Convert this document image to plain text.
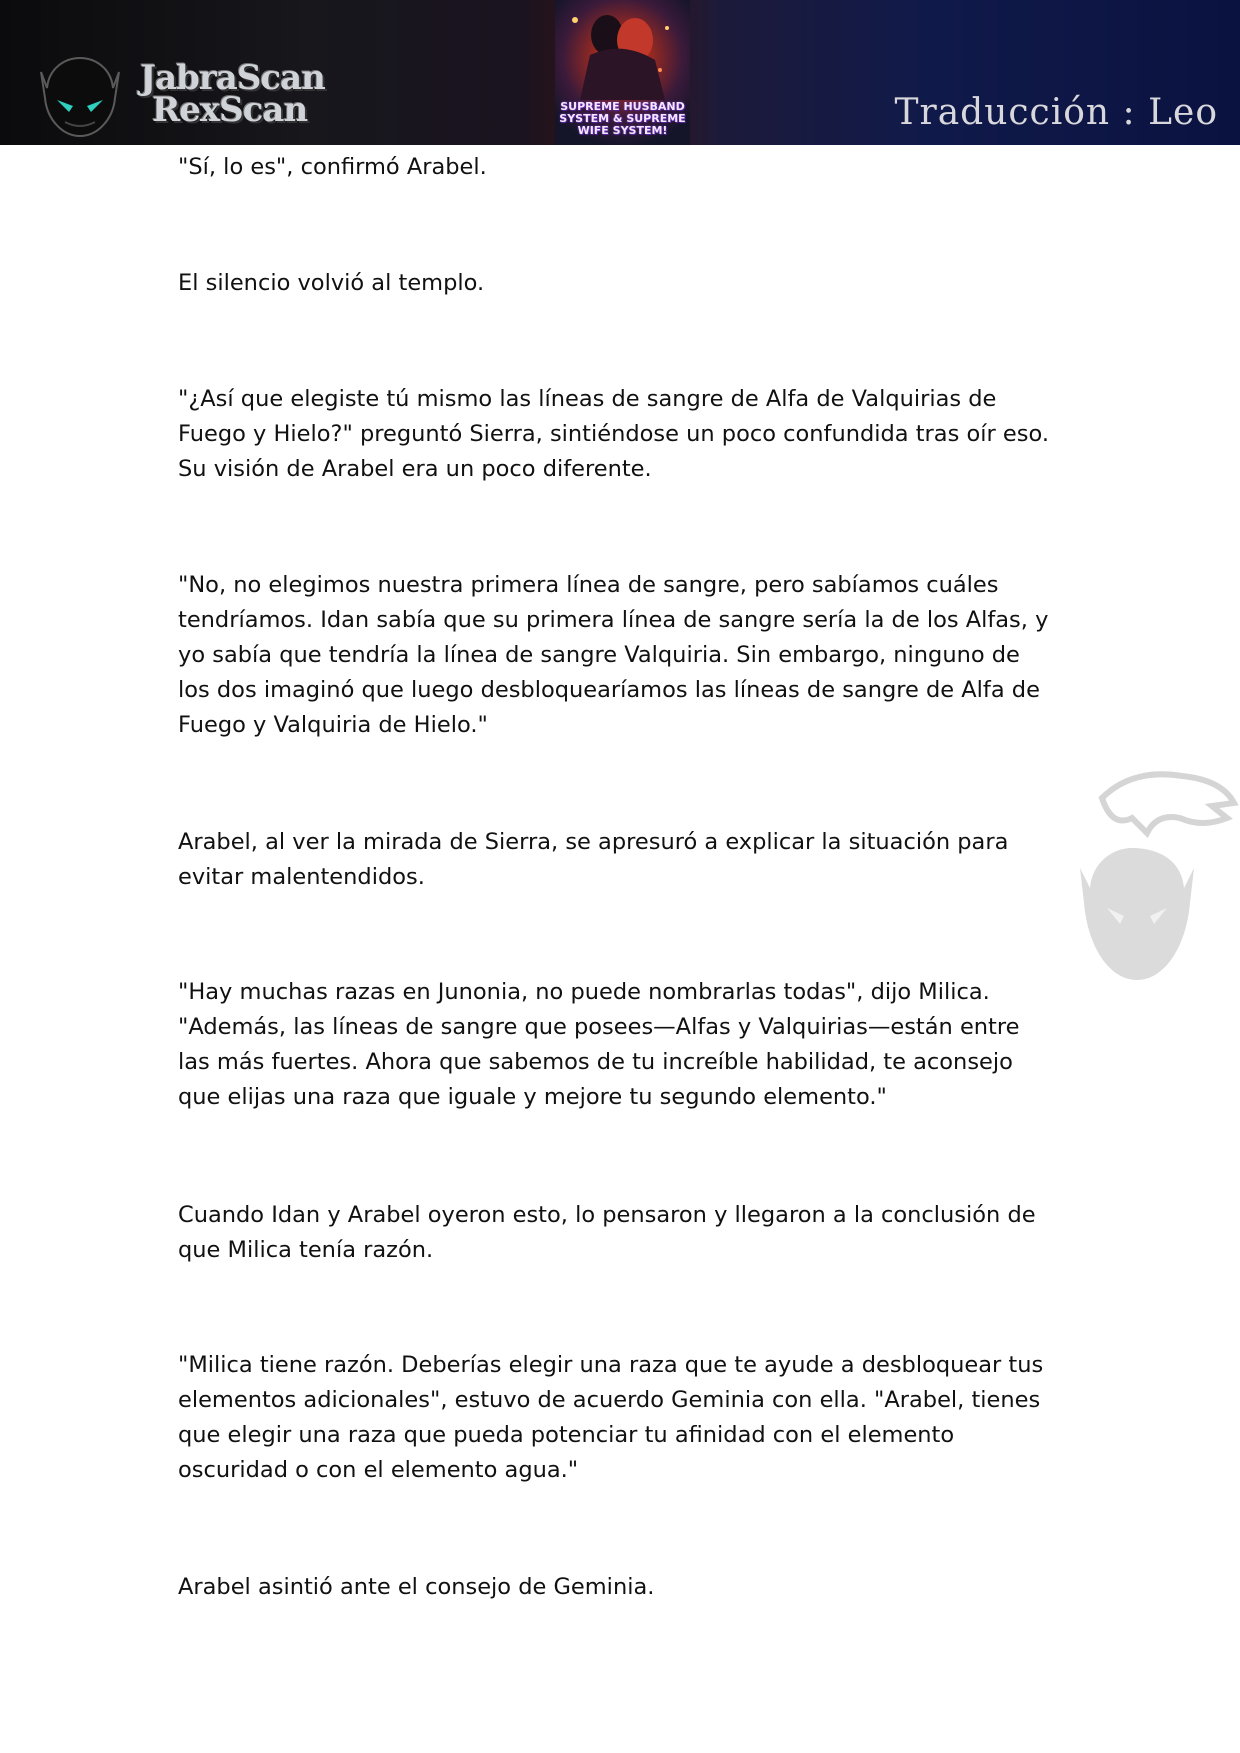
JabraScan
RexScan	SUPREME HUSBAND
SYSTEM & SUPREME
WIFE SYSTEM!	Traducción : Leo

"Sí, lo es", confirmó Arabel.

El silencio volvió al templo.

"¿Así que elegiste tú mismo las líneas de sangre de Alfa de Valquirias de Fuego y Hielo?" preguntó Sierra, sintiéndose un poco confundida tras oír eso. Su visión de Arabel era un poco diferente.

"No, no elegimos nuestra primera línea de sangre, pero sabíamos cuáles tendríamos. Idan sabía que su primera línea de sangre sería la de los Alfas, y yo sabía que tendría la línea de sangre Valquiria. Sin embargo, ninguno de los dos imaginó que luego desbloquearíamos las líneas de sangre de Alfa de Fuego y Valquiria de Hielo."

Arabel, al ver la mirada de Sierra, se apresuró a explicar la situación para evitar malentendidos.

"Hay muchas razas en Junonia, no puede nombrarlas todas", dijo Milica. "Además, las líneas de sangre que posees—Alfas y Valquirias—están entre las más fuertes. Ahora que sabemos de tu increíble habilidad, te aconsejo que elijas una raza que iguale y mejore tu segundo elemento."

Cuando Idan y Arabel oyeron esto, lo pensaron y llegaron a la conclusión de que Milica tenía razón.

"Milica tiene razón. Deberías elegir una raza que te ayude a desbloquear tus elementos adicionales", estuvo de acuerdo Geminia con ella. "Arabel, tienes que elegir una raza que pueda potenciar tu afinidad con el elemento oscuridad o con el elemento agua."

Arabel asintió ante el consejo de Geminia.
